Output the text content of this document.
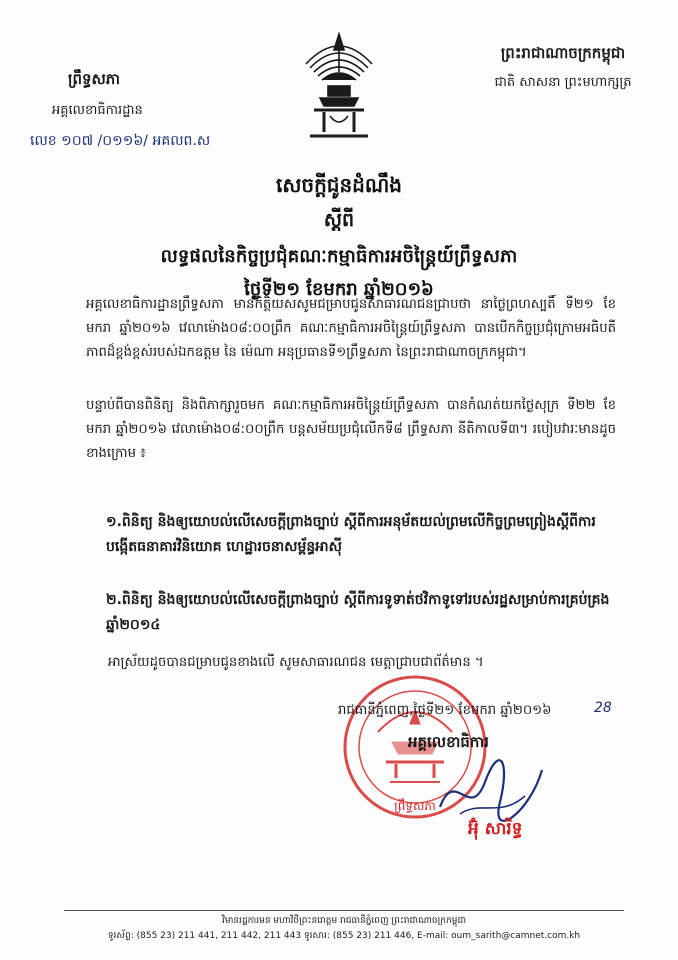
ព្រះរាជាណាចក្រកម្ពុជា
ជាតិ សាសនា ព្រះមហាក្សត្រ
ព្រឹទ្ធសភា
អគ្គលេខាធិការដ្ឋាន
លេខ ១០៧ /០១១៦/ អគលព.ស
សេចក្តីជូនដំណឹង
ស្តីពី
លទ្ធផលនៃកិច្ចប្រជុំគណៈកម្មាធិការអចិន្ត្រៃយ៍ព្រឹទ្ធសភា
ថ្ងៃទី២១ ខែមករា ឆ្នាំ២០១៦
អគ្គលេខាធិការដ្ឋានព្រឹទ្ធសភា មានកិត្តិយសសូមជម្រាបជូនសាធារណជនជ្រាបថា នាថ្ងៃព្រហស្បតិ៍ ទី២១ ខែមករា ឆ្នាំ២០១៦ វេលាម៉ោង០៨:០០ព្រឹក គណៈកម្មាធិការអចិន្ត្រៃយ៍ព្រឹទ្ធសភា បានបើកកិច្ចប្រជុំក្រោមអធិបតីភាពដ៏ខ្ពង់ខ្ពស់របស់ឯកឧត្តម នៃ ម៉េណា អនុប្រធានទី១ព្រឹទ្ធសភា នៃព្រះរាជាណាចក្រកម្ពុជា។
បន្ទាប់ពីបានពិនិត្យ និងពិភាក្សារួចមក គណៈកម្មាធិការអចិន្ត្រៃយ៍ព្រឹទ្ធសភា បានកំណត់យកថ្ងៃសុក្រ ទី២២ ខែមករា ឆ្នាំ២០១៦ វេលាម៉ោង០៨:០០ព្រឹក បន្តសម័យប្រជុំលើកទី៨ ព្រឹទ្ធសភា នីតិកាលទី៣។ របៀបវារៈមានដូចខាងក្រោម ៖
១.ពិនិត្យ និងឲ្យយោបល់លើសេចក្តីព្រាងច្បាប់ ស្តីពីការអនុម័តយល់ព្រមលើកិច្ចព្រមព្រៀងស្តីពីការបង្កើតធនាគារវិនិយោគ ហេដ្ឋារចនាសម្ព័ន្ធអាស៊ី
២.ពិនិត្យ និងឲ្យយោបល់លើសេចក្តីព្រាងច្បាប់ ស្តីពីការទូទាត់ថវិកាទូទៅរបស់រដ្ឋសម្រាប់ការគ្រប់គ្រងឆ្នាំ២០១៤
អាស្រ័យដូចបានជម្រាបជូនខាងលើ សូមសាធារណជន មេត្តាជ្រាបជាព័ត៌មាន ។
ព្រឹទ្ធសភា
រាជធានីភ្នំពេញ,ថ្ងៃទី២១ ខែមករា ឆ្នាំ២០១៦	28
អគ្គលេខាធិការ
អ៊ុំ សារិទ្ធ
វិមានរដ្ឋការមន មហាវិថីព្រះនរោត្តម រាជធានីភ្នំពេញ ព្រះរាជាណាចក្រកម្ពុជា
ទូរស័ព្ទ: (855 23) 211 441, 211 442, 211 443 ទូរសារ: (855 23) 211 446, E-mail: oum_sarith@camnet.com.kh
